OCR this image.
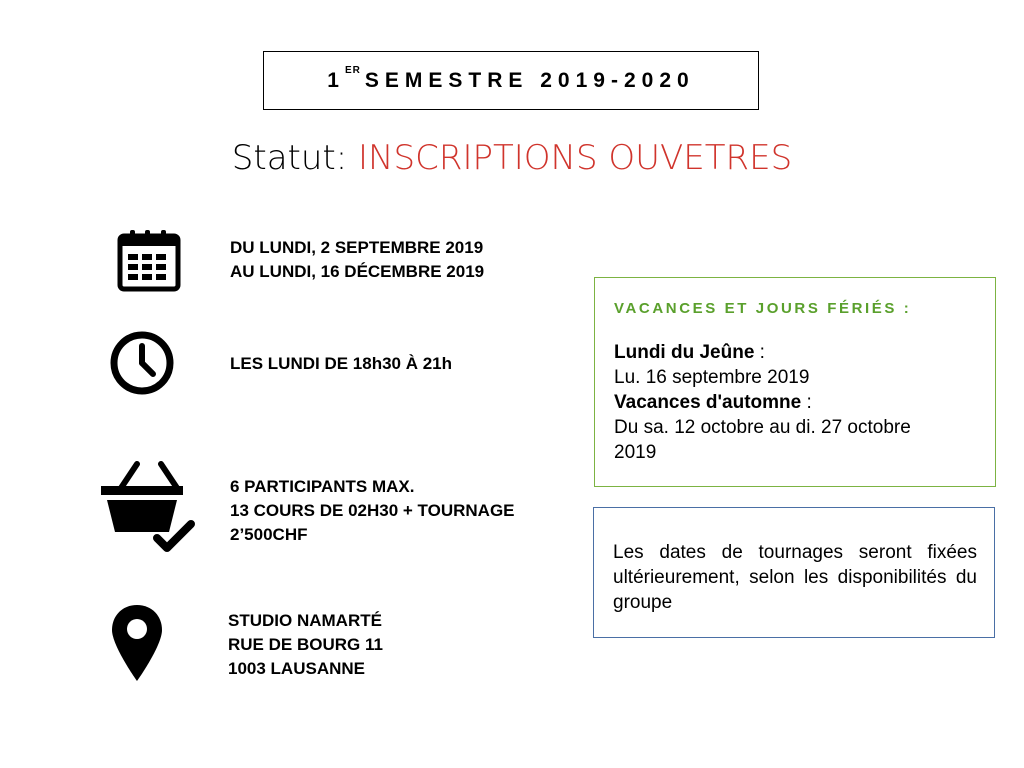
1ER SEMESTRE 2019-2020
Statut: INSCRIPTIONS OUVETRES
DU LUNDI, 2 SEPTEMBRE 2019
AU LUNDI, 16 DÉCEMBRE 2019
LES LUNDI DE 18h30 À 21h
6 PARTICIPANTS MAX.
13 COURS DE 02H30 + TOURNAGE
2’500CHF
STUDIO NAMARTÉ
RUE DE BOURG 11
1003 LAUSANNE
VACANCES ET JOURS FÉRIÉS :
Lundi du Jeûne :
Lu. 16 septembre 2019
Vacances d'automne :
Du sa. 12 octobre au di. 27 octobre
2019
Les dates de tournages seront fixées ultérieurement, selon les disponibilités du groupe
